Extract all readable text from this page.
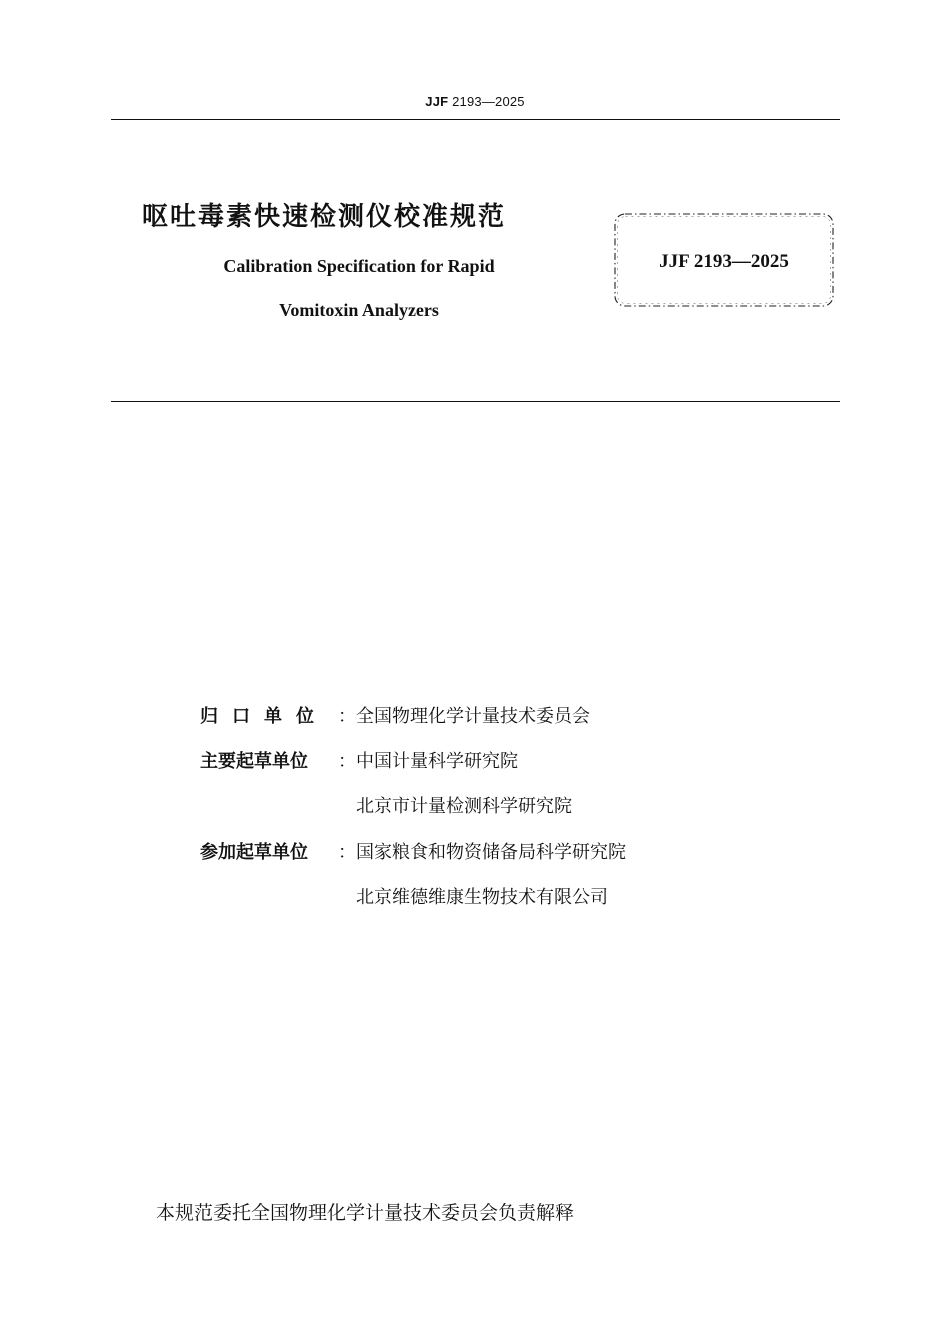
JJF 2193—2025
呕吐毒素快速检测仪校准规范
Calibration Specification for Rapid
Vomitoxin Analyzers
JJF 2193—2025
归口单位 ： 全国物理化学计量技术委员会
主要起草单位	： 中国计量科学研究院
北京市计量检测科学研究院
参加起草单位	： 国家粮食和物资储备局科学研究院
北京维德维康生物技术有限公司
本规范委托全国物理化学计量技术委员会负责解释
